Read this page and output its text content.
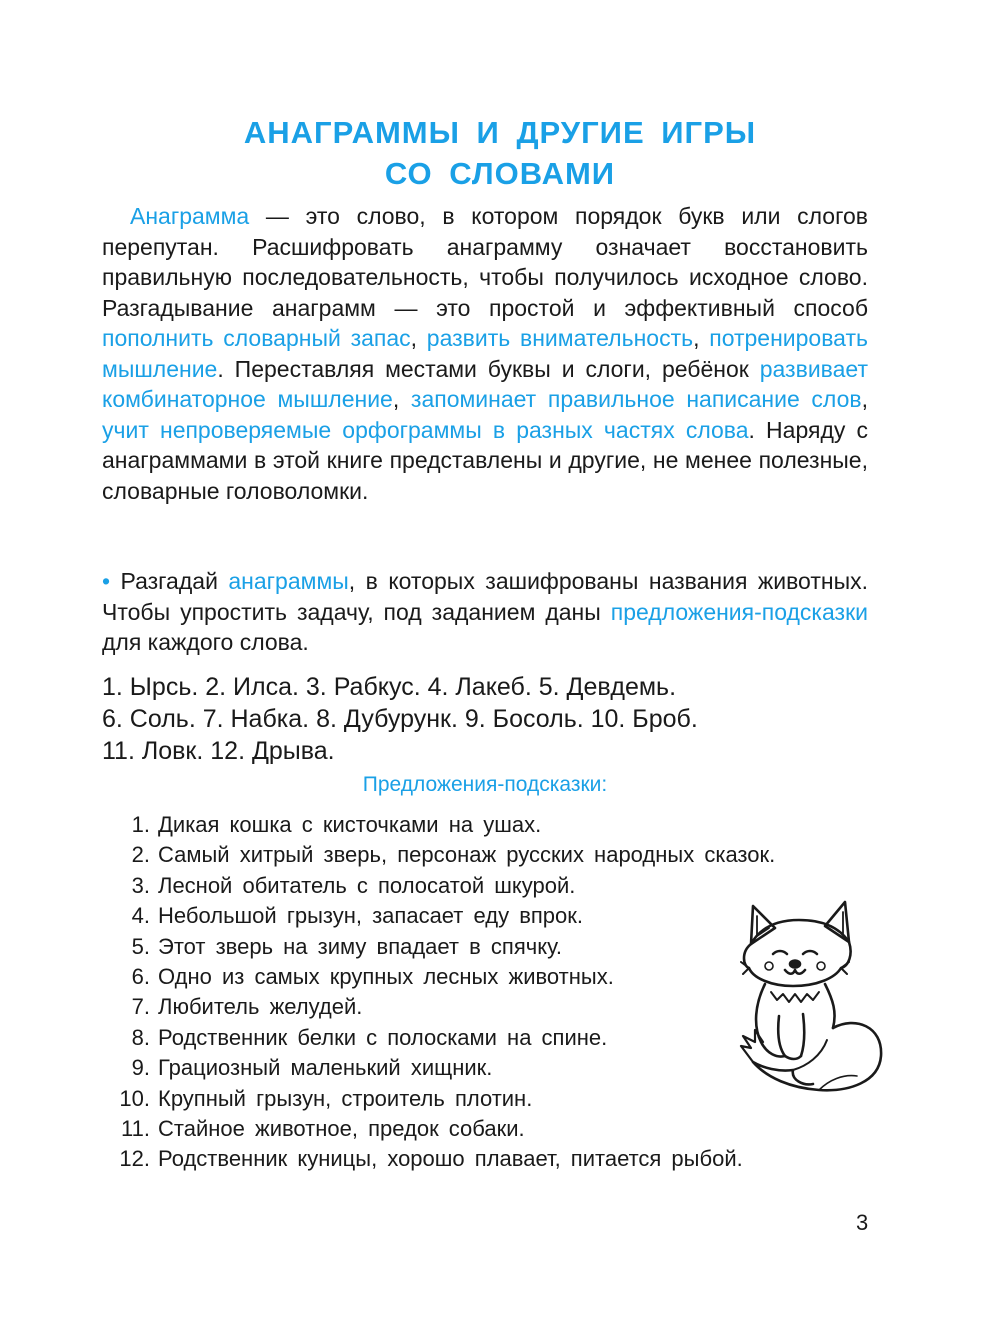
АНАГРАММЫ И ДРУГИЕ ИГРЫ
СО СЛОВАМИ

Анаграмма — это слово, в котором порядок букв или слогов перепутан. Расшифровать анаграмму означает восстановить правильную последовательность, чтобы получилось исходное слово. Разгадывание анаграмм — это простой и эффективный способ пополнить словарный запас, развить внимательность, потренировать мышление. Переставляя местами буквы и слоги, ребёнок развивает комбинаторное мышление, запоминает правильное написание слов, учит непроверяемые орфограммы в разных частях слова. Наряду с анаграммами в этой книге представлены и другие, не менее полезные, словарные головоломки.

• Разгадай анаграммы, в которых зашифрованы названия животных. Чтобы упростить задачу, под заданием даны предложения-подсказки для каждого слова.

1. Ырсь. 2. Илса. 3. Рабкус. 4. Лакеб. 5. Девдемь.
6. Соль. 7. Набка. 8. Дубурунк. 9. Босоль. 10. Броб.
11. Ловк. 12. Дрыва.

Предложения-подсказки:

1. Дикая кошка с кисточками на ушах.
2. Самый хитрый зверь, персонаж русских народных сказок.
3. Лесной обитатель с полосатой шкурой.
4. Небольшой грызун, запасает еду впрок.
5. Этот зверь на зиму впадает в спячку.
6. Одно из самых крупных лесных животных.
7. Любитель желудей.
8. Родственник белки с полосками на спине.
9. Грациозный маленький хищник.
10. Крупный грызун, строитель плотин.
11. Стайное животное, предок собаки.
12. Родственник куницы, хорошо плавает, питается рыбой.

3
